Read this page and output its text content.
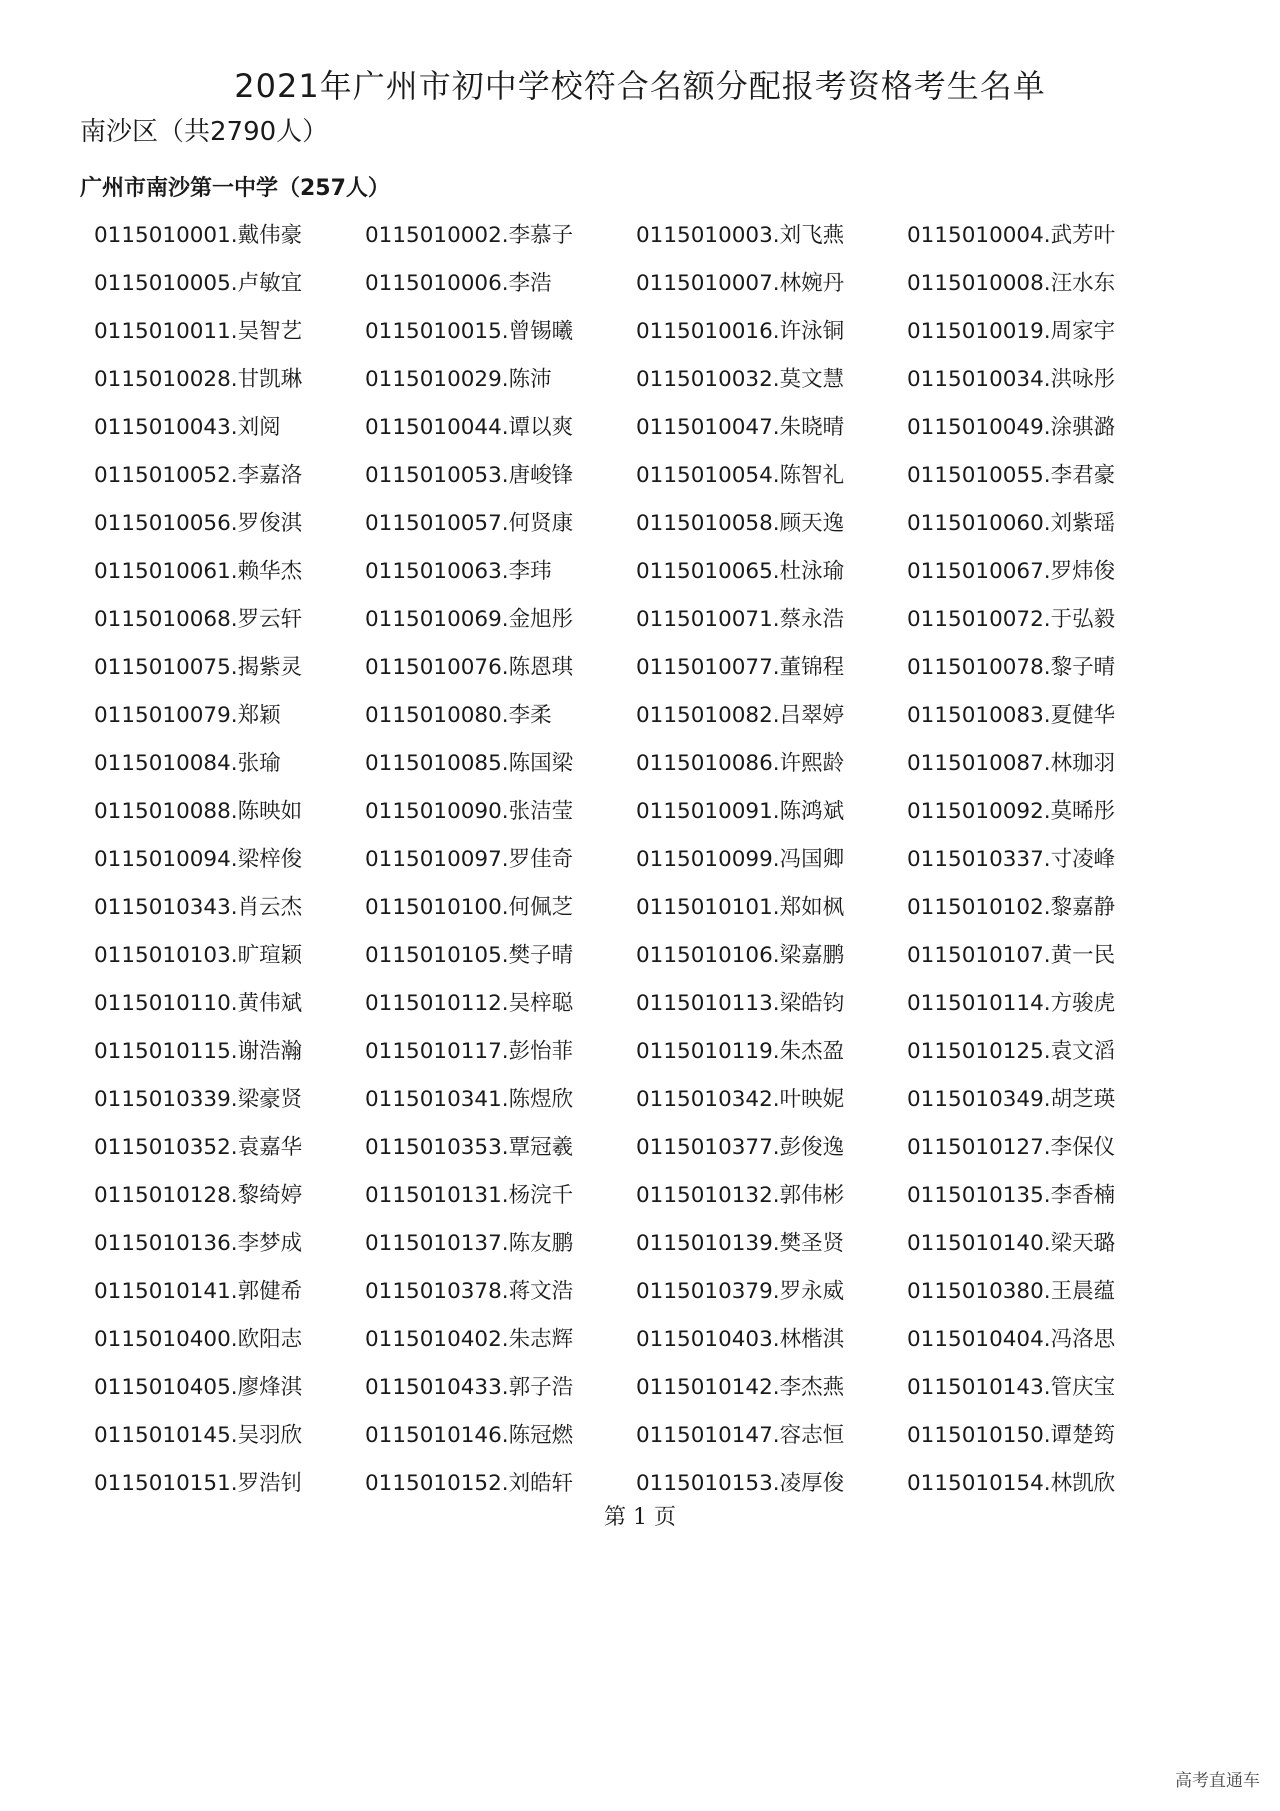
2021年广州市初中学校符合名额分配报考资格考生名单
南沙区（共2790人）
广州市南沙第一中学（257人）
0115010001.戴伟豪	0115010002.李慕子	0115010003.刘飞燕	0115010004.武芳叶
0115010005.卢敏宜	0115010006.李浩	0115010007.林婉丹	0115010008.汪水东
0115010011.吴智艺	0115010015.曾锡曦	0115010016.许泳铜	0115010019.周家宇
0115010028.甘凯琳	0115010029.陈沛	0115010032.莫文慧	0115010034.洪咏彤
0115010043.刘阅	0115010044.谭以爽	0115010047.朱晓晴	0115010049.涂骐潞
0115010052.李嘉洛	0115010053.唐峻锋	0115010054.陈智礼	0115010055.李君豪
0115010056.罗俊淇	0115010057.何贤康	0115010058.顾天逸	0115010060.刘紫瑶
0115010061.赖华杰	0115010063.李玮	0115010065.杜泳瑜	0115010067.罗炜俊
0115010068.罗云轩	0115010069.金旭彤	0115010071.蔡永浩	0115010072.于弘毅
0115010075.揭紫灵	0115010076.陈恩琪	0115010077.董锦程	0115010078.黎子晴
0115010079.郑颖	0115010080.李柔	0115010082.吕翠婷	0115010083.夏健华
0115010084.张瑜	0115010085.陈国梁	0115010086.许熙龄	0115010087.林珈羽
0115010088.陈映如	0115010090.张洁莹	0115010091.陈鸿斌	0115010092.莫晞彤
0115010094.梁梓俊	0115010097.罗佳奇	0115010099.冯国卿	0115010337.寸凌峰
0115010343.肖云杰	0115010100.何佩芝	0115010101.郑如枫	0115010102.黎嘉静
0115010103.旷瑄颖	0115010105.樊子晴	0115010106.梁嘉鹏	0115010107.黄一民
0115010110.黄伟斌	0115010112.吴梓聪	0115010113.梁皓钧	0115010114.方骏虎
0115010115.谢浩瀚	0115010117.彭怡菲	0115010119.朱杰盈	0115010125.袁文滔
0115010339.梁豪贤	0115010341.陈煜欣	0115010342.叶映妮	0115010349.胡芝瑛
0115010352.袁嘉华	0115010353.覃冠羲	0115010377.彭俊逸	0115010127.李保仪
0115010128.黎绮婷	0115010131.杨浣千	0115010132.郭伟彬	0115010135.李香楠
0115010136.李梦成	0115010137.陈友鹏	0115010139.樊圣贤	0115010140.梁天璐
0115010141.郭健希	0115010378.蒋文浩	0115010379.罗永威	0115010380.王晨蕴
0115010400.欧阳志	0115010402.朱志辉	0115010403.林楷淇	0115010404.冯洛思
0115010405.廖烽淇	0115010433.郭子浩	0115010142.李杰燕	0115010143.管庆宝
0115010145.吴羽欣	0115010146.陈冠燃	0115010147.容志恒	0115010150.谭楚筠
0115010151.罗浩钊	0115010152.刘皓轩	0115010153.凌厚俊	0115010154.林凯欣
第 1 页
高考直通车
